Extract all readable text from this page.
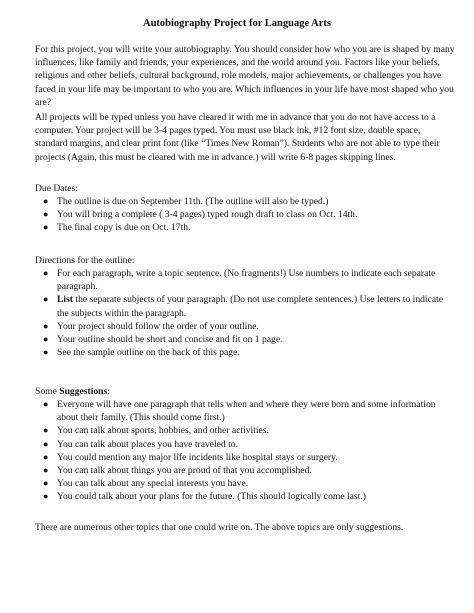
Autobiography Project for Language Arts

For this project, you will write your autobiography. You should consider how who you are is shaped by many influences, like family and friends, your experiences, and the world around you. Factors like your beliefs, religious and other beliefs, cultural background, role models, major achievements, or challenges you have faced in your life may be important to who you are. Which influences in your life have most shaped who you are?

All projects will be typed unless you have cleared it with me in advance that you do not have access to a computer. Your project will be 3-4 pages typed. You must use black ink, #12 font size, double space, standard margins, and clear print font (like “Times New Roman”). Students who are not able to type their projects (Again, this must be cleared with me in advance.) will write 6-8 pages skipping lines.

Due Dates:

● The outline is due on September 11th. (The outline will also be typed.)
● You will bring a complete ( 3-4 pages) typed rough draft to class on Oct. 14th.
● The final copy is due on Oct. 17th.

Directions for the outline:

● For each paragraph, write a topic sentence. (No fragments!) Use numbers to indicate each separate paragraph.
● List the separate subjects of your paragraph. (Do not use complete sentences.) Use letters to indicate the subjects within the paragraph.
● Your project should follow the order of your outline.
● Your outline should be short and concise and fit on 1 page.
● See the sample outline on the back of this page.

Some Suggestions:

● Everyone will have one paragraph that tells when and where they were born and some information about their family. (This should come first.)
● You can talk about sports, hobbies, and other activities.
● You can talk about places you have traveled to.
● You could mention any major life incidents like hospital stays or surgery.
● You can talk about things you are proud of that you accomplished.
● You can talk about any special interests you have.
● You could talk about your plans for the future. (This should logically come last.)

There are numerous other topics that one could write on. The above topics are only suggestions.
